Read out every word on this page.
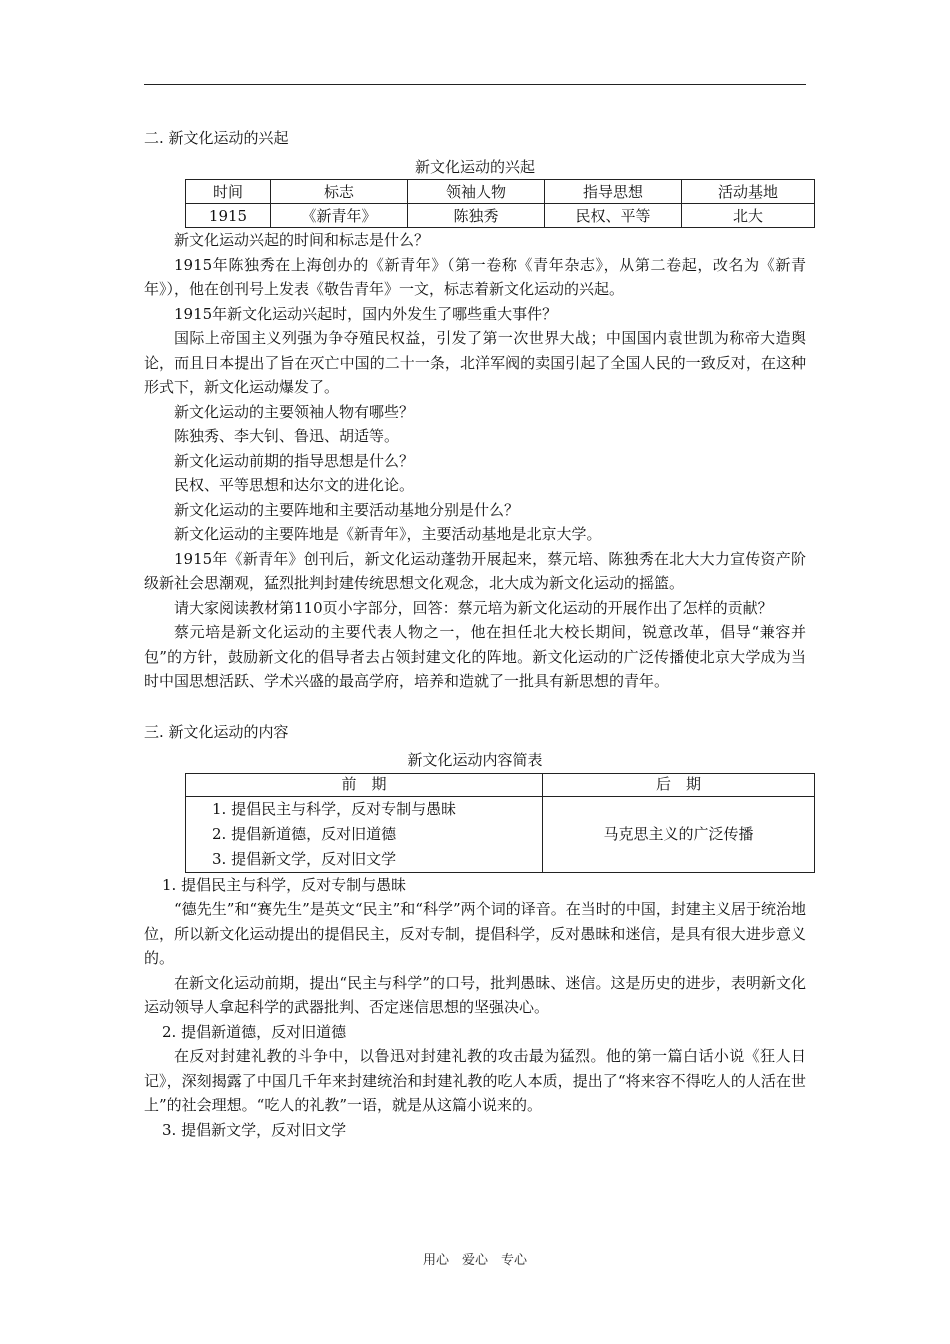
二. 新文化运动的兴起
新文化运动的兴起
时间	标志	领袖人物	指导思想	活动基地
1915	《新青年》	陈独秀	民权、平等	北大

新文化运动兴起的时间和标志是什么？

1915年陈独秀在上海创办的《新青年》（第一卷称《青年杂志》，从第二卷起，改名为《新青年》），他在创刊号上发表《敬告青年》一文，标志着新文化运动的兴起。

1915年新文化运动兴起时，国内外发生了哪些重大事件？

国际上帝国主义列强为争夺殖民权益，引发了第一次世界大战；中国国内袁世凯为称帝大造舆论，而且日本提出了旨在灭亡中国的二十一条，北洋军阀的卖国引起了全国人民的一致反对，在这种形式下，新文化运动爆发了。

新文化运动的主要领袖人物有哪些？

陈独秀、李大钊、鲁迅、胡适等。

新文化运动前期的指导思想是什么？

民权、平等思想和达尔文的进化论。

新文化运动的主要阵地和主要活动基地分别是什么？

新文化运动的主要阵地是《新青年》，主要活动基地是北京大学。

1915年《新青年》创刊后，新文化运动蓬勃开展起来，蔡元培、陈独秀在北大大力宣传资产阶级新社会思潮观，猛烈批判封建传统思想文化观念，北大成为新文化运动的摇篮。

请大家阅读教材第110页小字部分，回答：蔡元培为新文化运动的开展作出了怎样的贡献？

蔡元培是新文化运动的主要代表人物之一，他在担任北大校长期间，锐意改革，倡导“兼容并包”的方针，鼓励新文化的倡导者去占领封建文化的阵地。新文化运动的广泛传播使北京大学成为当时中国思想活跃、学术兴盛的最高学府，培养和造就了一批具有新思想的青年。

三. 新文化运动的内容
新文化运动内容简表
前　期	后　期

1. 提倡民主与科学，反对专制与愚昧
2. 提倡新道德，反对旧道德
3. 提倡新文学，反对旧文学	马克思主义的广泛传播

1. 提倡民主与科学，反对专制与愚昧

“德先生”和“赛先生”是英文“民主”和“科学”两个词的译音。在当时的中国，封建主义居于统治地位，所以新文化运动提出的提倡民主，反对专制，提倡科学，反对愚昧和迷信，是具有很大进步意义的。

在新文化运动前期，提出“民主与科学”的口号，批判愚昧、迷信。这是历史的进步，表明新文化运动领导人拿起科学的武器批判、否定迷信思想的坚强决心。

2. 提倡新道德，反对旧道德

在反对封建礼教的斗争中，以鲁迅对封建礼教的攻击最为猛烈。他的第一篇白话小说《狂人日记》，深刻揭露了中国几千年来封建统治和封建礼教的吃人本质，提出了“将来容不得吃人的人活在世上”的社会理想。“吃人的礼教”一语，就是从这篇小说来的。

3. 提倡新文学，反对旧文学

用心　爱心　专心
